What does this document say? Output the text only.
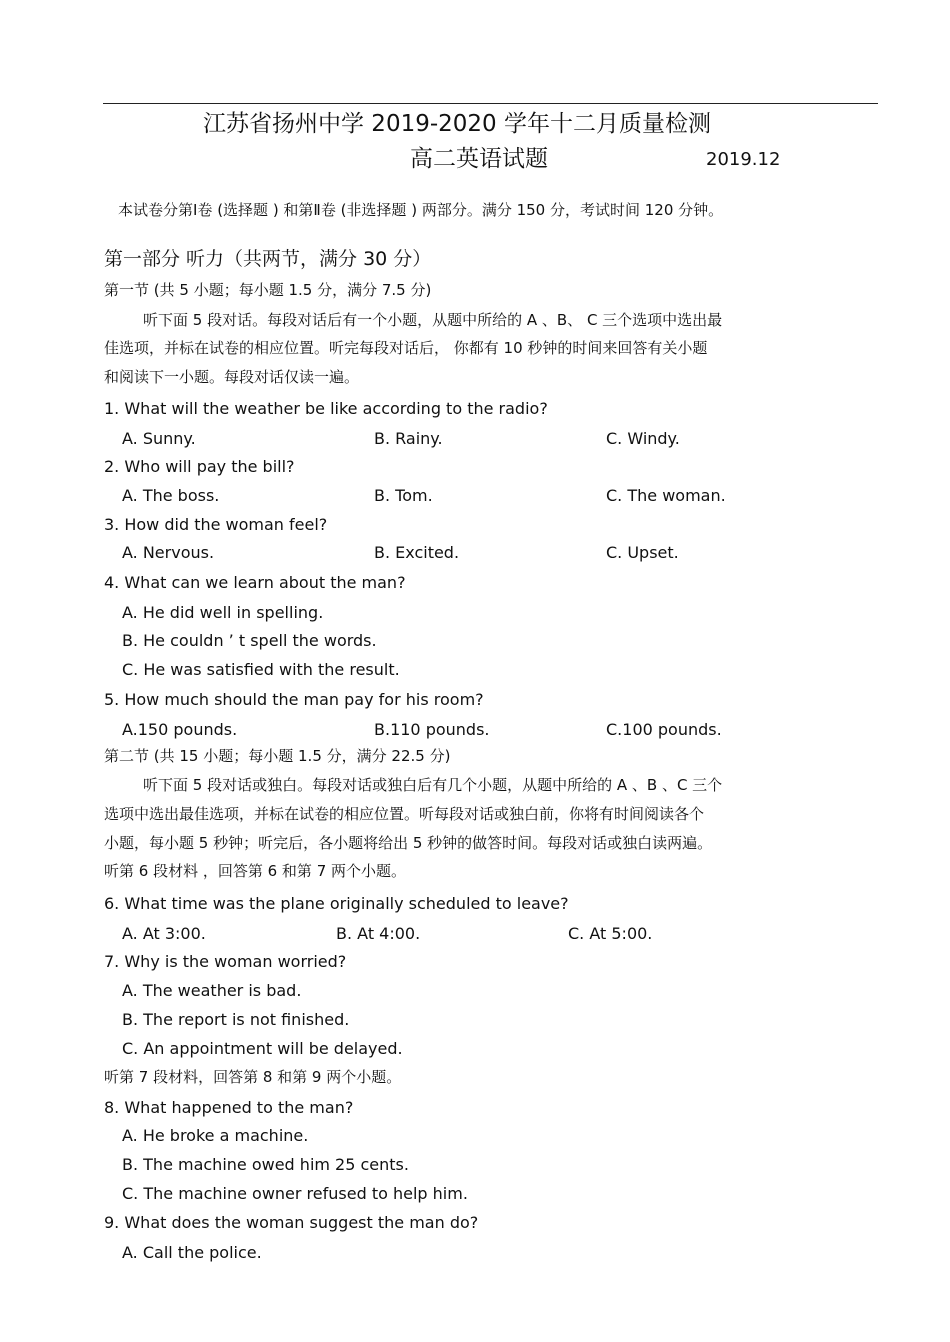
江苏省扬州中学 2019-2020 学年十二月质量检测
高二英语试题	2019.12
本试卷分第Ⅰ卷 (选择题 ) 和第Ⅱ卷 (非选择题 ) 两部分。满分 150 分，考试时间 120 分钟。
第一部分 听力（共两节，满分 30 分）
第一节 (共 5 小题；每小题 1.5 分，满分 7.5 分)
听下面 5 段对话。每段对话后有一个小题，从题中所给的 A 、B、 C 三个选项中选出最
佳选项，并标在试卷的相应位置。听完每段对话后， 你都有 10 秒钟的时间来回答有关小题
和阅读下一小题。每段对话仅读一遍。
1. What will the weather be like according to the radio?
A. Sunny.	B. Rainy.	C. Windy.
2. Who will pay the bill?
A. The boss.	B. Tom.	C. The woman.
3. How did the woman feel?
A. Nervous.	B. Excited.	C. Upset.
4. What can we learn about the man?
A. He did well in spelling.
B. He couldn ’ t spell the words.
C. He was satisfied with the result.
5. How much should the man pay for his room?
A.150 pounds.	B.110 pounds.	C.100 pounds.
第二节 (共 15 小题；每小题 1.5 分，满分 22.5 分)
听下面 5 段对话或独白。每段对话或独白后有几个小题，从题中所给的 A 、B 、C 三个
选项中选出最佳选项，并标在试卷的相应位置。听每段对话或独白前，你将有时间阅读各个
小题，每小题 5 秒钟；听完后，各小题将给出 5 秒钟的做答时间。每段对话或独白读两遍。
听第 6 段材料 ，回答第 6 和第 7 两个小题。
6. What time was the plane originally scheduled to leave?
A. At 3:00.	B. At 4:00.	C. At 5:00.
7. Why is the woman worried?
A. The weather is bad.
B. The report is not finished.
C. An appointment will be delayed.
听第 7 段材料，回答第 8 和第 9 两个小题。
8. What happened to the man?
A. He broke a machine.
B. The machine owed him 25 cents.
C. The machine owner refused to help him.
9. What does the woman suggest the man do?
A. Call the police.
